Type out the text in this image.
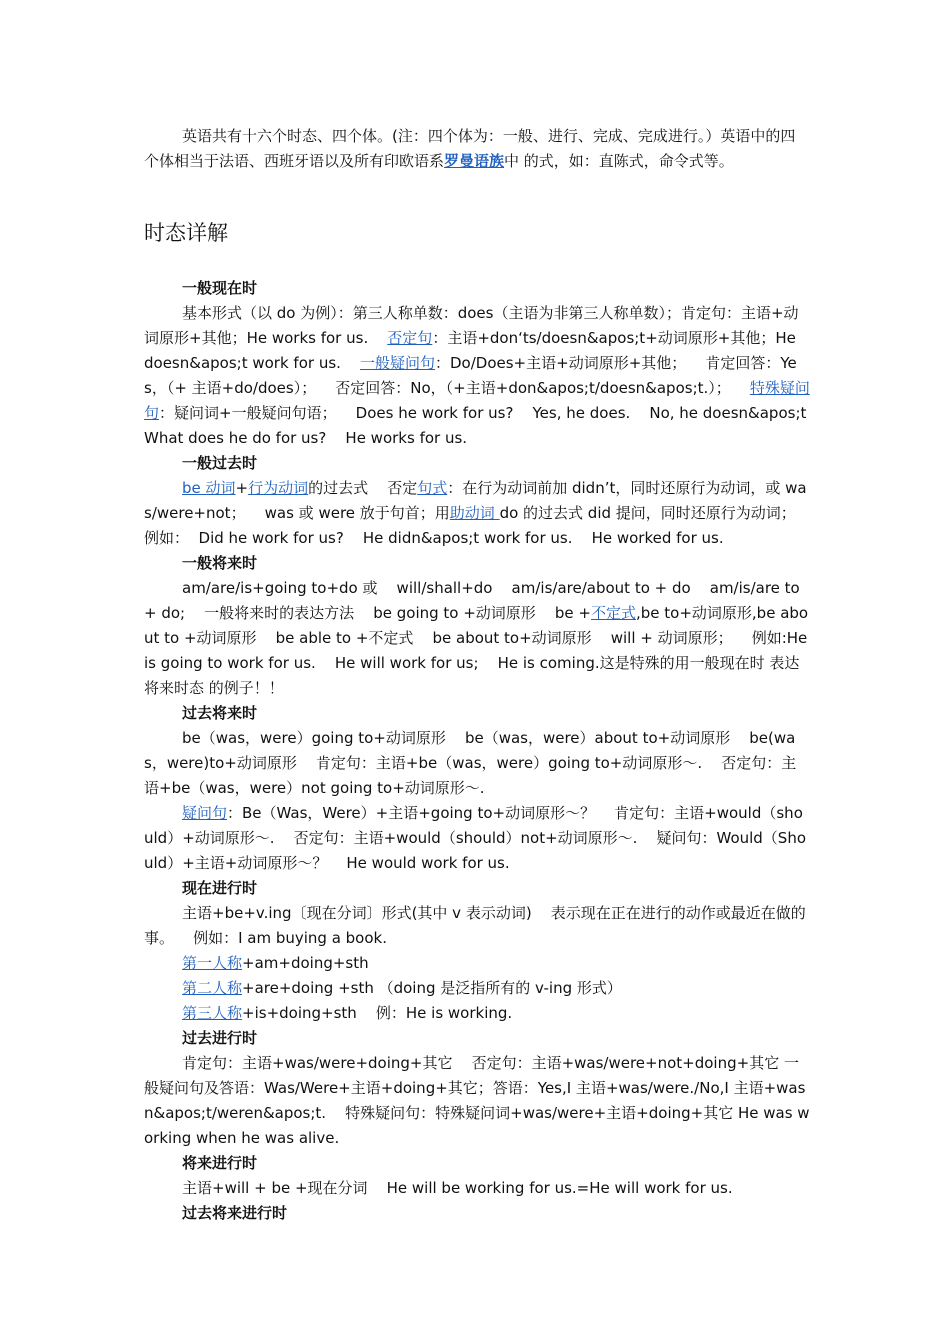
英语共有十六个时态、四个体。(注：四个体为：一般、进行、完成、完成进行。）英语中的四个体相当于法语、西班牙语以及所有印欧语系罗曼语族中 的式，如：直陈式，命令式等。

时态详解

一般现在时

基本形式（以 do 为例）：第三人称单数：does（主语为非第三人称单数）；肯定句：主语+动词原形+其他；He works for us.    否定句：主语+don‘ts/doesn&apos;t+动词原形+其他；He doesn&apos;t work for us.    一般疑问句：Do/Does+主语+动词原形+其他；    肯定回答：Yes，（+ 主语+do/does）；    否定回答：No，（+主语+don&apos;t/doesn&apos;t.）；    特殊疑问句：疑问词+一般疑问句语；    Does he work for us?    Yes, he does.    No, he doesn&apos;t    What does he do for us?    He works for us.

一般过去时

be 动词+行为动词的过去式    否定句式：在行为动词前加 didn’t，同时还原行为动词，或 was/were+not；    was 或 were 放于句首；用助动词 do 的过去式 did 提问，同时还原行为动词；    例如：  Did he work for us?    He didn&apos;t work for us.    He worked for us.

一般将来时

am/are/is+going to+do 或    will/shall+do    am/is/are/about to + do    am/is/are to + do;    一般将来时的表达方法    be going to +动词原形    be +不定式,be to+动词原形,be about to +动词原形    be able to +不定式    be about to+动词原形    will + 动词原形；    例如:He is going to work for us.    He will work for us;    He is coming.这是特殊的用一般现在时 表达 将来时态 的例子！！

过去将来时

be（was，were）going to+动词原形    be（was，were）about to+动词原形    be(was，were)to+动词原形    肯定句：主语+be（was，were）going to+动词原形～.    否定句：主语+be（was，were）not going to+动词原形～.

疑问句：Be（Was，Were）+主语+going to+动词原形～？    肯定句：主语+would（should）+动词原形～.    否定句：主语+would（should）not+动词原形～.    疑问句：Would（Should）+主语+动词原形～？    He would work for us.

现在进行时

主语+be+v.ing〔现在分词〕形式(其中 v 表示动词)    表示现在正在进行的动作或最近在做的事。    例如：I am buying a book.

第一人称+am+doing+sth

第二人称+are+doing +sth （doing 是泛指所有的 v-ing 形式）

第三人称+is+doing+sth    例：He is working.

过去进行时

肯定句：主语+was/were+doing+其它    否定句：主语+was/were+not+doing+其它 一般疑问句及答语：Was/Were+主语+doing+其它；答语：Yes,I 主语+was/were./No,I 主语+wasn&apos;t/weren&apos;t.    特殊疑问句：特殊疑问词+was/were+主语+doing+其它 He was working when he was alive.

将来进行时

主语+will + be +现在分词    He will be working for us.=He will work for us.

过去将来进行时
